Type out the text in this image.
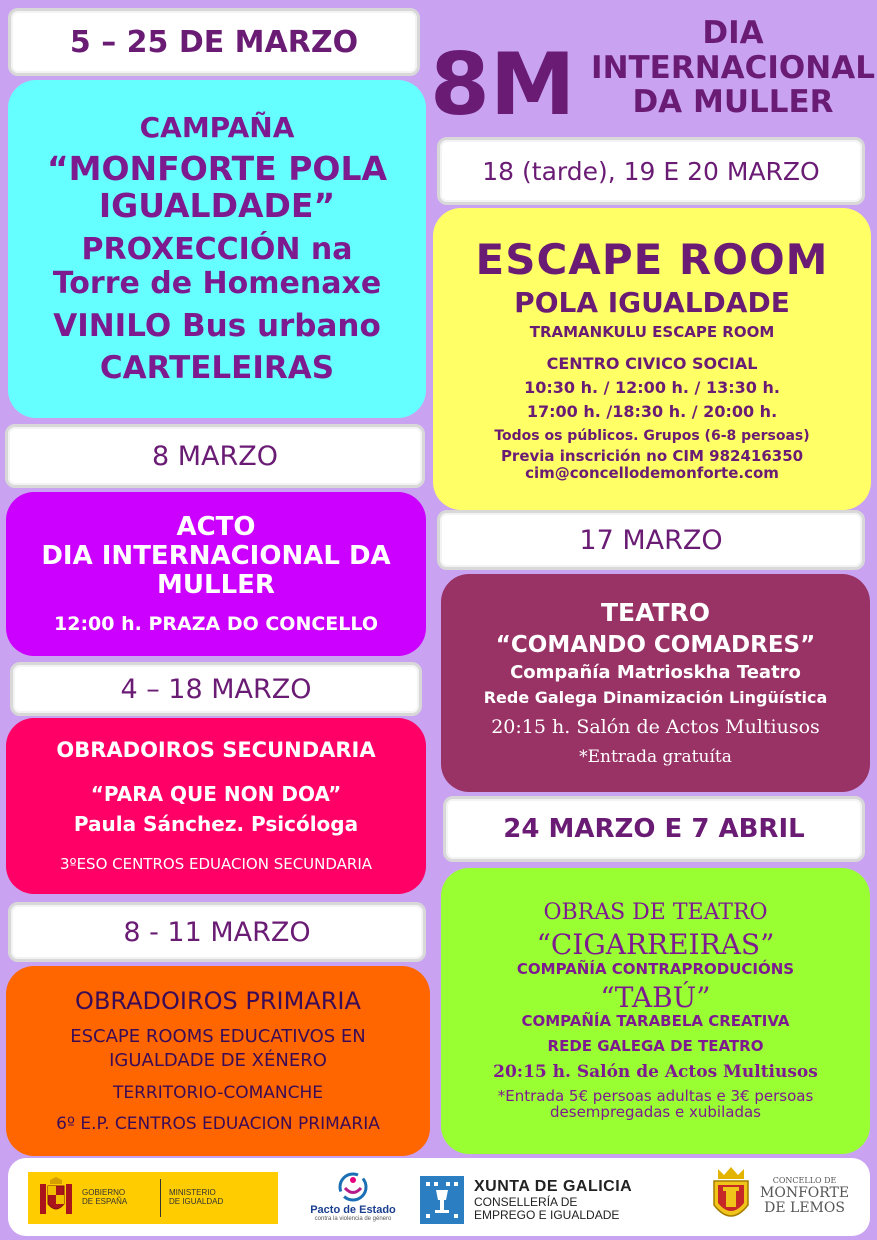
5 – 25 DE MARZO 8M
DIA
INTERNACIONAL
DA MULLER
CAMPAÑA
“MONFORTE POLA
IGUALDADE”
PROXECCIÓN na
Torre de Homenaxe
VINILO Bus urbano
CARTELEIRAS
18 (tarde), 19 E 20 MARZO
ESCAPE ROOM
POLA IGUALDADE
TRAMANKULU ESCAPE ROOM
CENTRO CIVICO SOCIAL
10:30 h. / 12:00 h. / 13:30 h.
17:00 h. /18:30 h. / 20:00 h.
Todos os públicos. Grupos (6-8 persoas)
Previa inscrición no CIM 982416350
cim@concellodemonforte.com
8 MARZO
ACTO
DIA INTERNACIONAL DA
MULLER
12:00 h. PRAZA DO CONCELLO
17 MARZO
TEATRO
“COMANDO COMADRES”
Compañía Matrioskha Teatro
Rede Galega Dinamización Lingüística
20:15 h. Salón de Actos Multiusos
*Entrada gratuíta
4 – 18 MARZO
OBRADOIROS SECUNDARIA
“PARA QUE NON DOA”
Paula Sánchez. Psicóloga
3ºESO CENTROS EDUACION SECUNDARIA
24 MARZO E 7 ABRIL
OBRAS DE TEATRO
“CIGARREIRAS”
COMPAÑÍA CONTRAPRODUCIÓNS
“TABÚ”
COMPAÑÍA TARABELA CREATIVA
REDE GALEGA DE TEATRO
20:15 h. Salón de Actos Multiusos
*Entrada 5€ persoas adultas e 3€ persoas
desempregadas e xubiladas
8 - 11 MARZO
OBRADOIROS PRIMARIA
ESCAPE ROOMS EDUCATIVOS EN
IGUALDADE DE XÉNERO
TERRITORIO-COMANCHE
6º E.P. CENTROS EDUACION PRIMARIA
GOBIERNO
DE ESPAÑA
MINISTERIO
DE IGUALDAD
Pacto de Estado
contra la violencia de género
XUNTA DE GALICIA
CONSELLERÍA DE
EMPREGO E IGUALDADE
CONCELLO DE
MONFORTE
DE LEMOS
